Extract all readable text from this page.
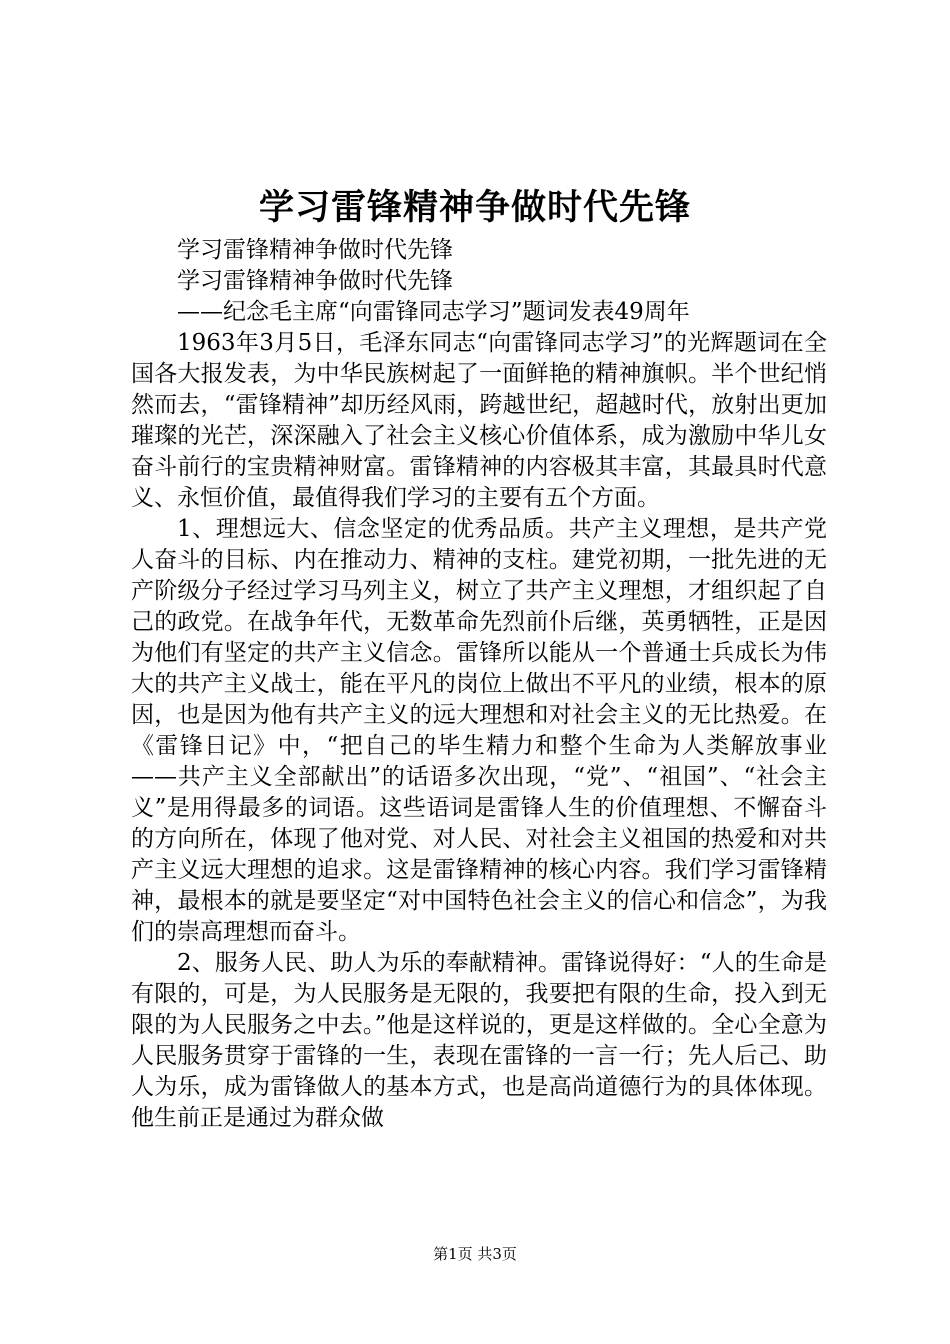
学习雷锋精神争做时代先锋

学习雷锋精神争做时代先锋

学习雷锋精神争做时代先锋

——纪念毛主席“向雷锋同志学习”题词发表49周年

1963年3月5日，毛泽东同志“向雷锋同志学习”的光辉题词在全国各大报发表，为中华民族树起了一面鲜艳的精神旗帜。半个世纪悄然而去，“雷锋精神”却历经风雨，跨越世纪，超越时代，放射出更加璀璨的光芒，深深融入了社会主义核心价值体系，成为激励中华儿女奋斗前行的宝贵精神财富。雷锋精神的内容极其丰富，其最具时代意义、永恒价值，最值得我们学习的主要有五个方面。

1、理想远大、信念坚定的优秀品质。共产主义理想，是共产党人奋斗的目标、内在推动力、精神的支柱。建党初期，一批先进的无产阶级分子经过学习马列主义，树立了共产主义理想，才组织起了自己的政党。在战争年代，无数革命先烈前仆后继，英勇牺牲，正是因为他们有坚定的共产主义信念。雷锋所以能从一个普通士兵成长为伟大的共产主义战士，能在平凡的岗位上做出不平凡的业绩，根本的原因，也是因为他有共产主义的远大理想和对社会主义的无比热爱。在《雷锋日记》中，“把自己的毕生精力和整个生命为人类解放事业——共产主义全部献出”的话语多次出现，“党”、“祖国”、“社会主义”是用得最多的词语。这些语词是雷锋人生的价值理想、不懈奋斗的方向所在，体现了他对党、对人民、对社会主义祖国的热爱和对共产主义远大理想的追求。这是雷锋精神的核心内容。我们学习雷锋精神，最根本的就是要坚定“对中国特色社会主义的信心和信念”，为我们的崇高理想而奋斗。

2、服务人民、助人为乐的奉献精神。雷锋说得好：“人的生命是有限的，可是，为人民服务是无限的，我要把有限的生命，投入到无限的为人民服务之中去。”他是这样说的，更是这样做的。全心全意为人民服务贯穿于雷锋的一生，表现在雷锋的一言一行；先人后己、助人为乐，成为雷锋做人的基本方式，也是高尚道德行为的具体体现。他生前正是通过为群众做

第1页 共3页
